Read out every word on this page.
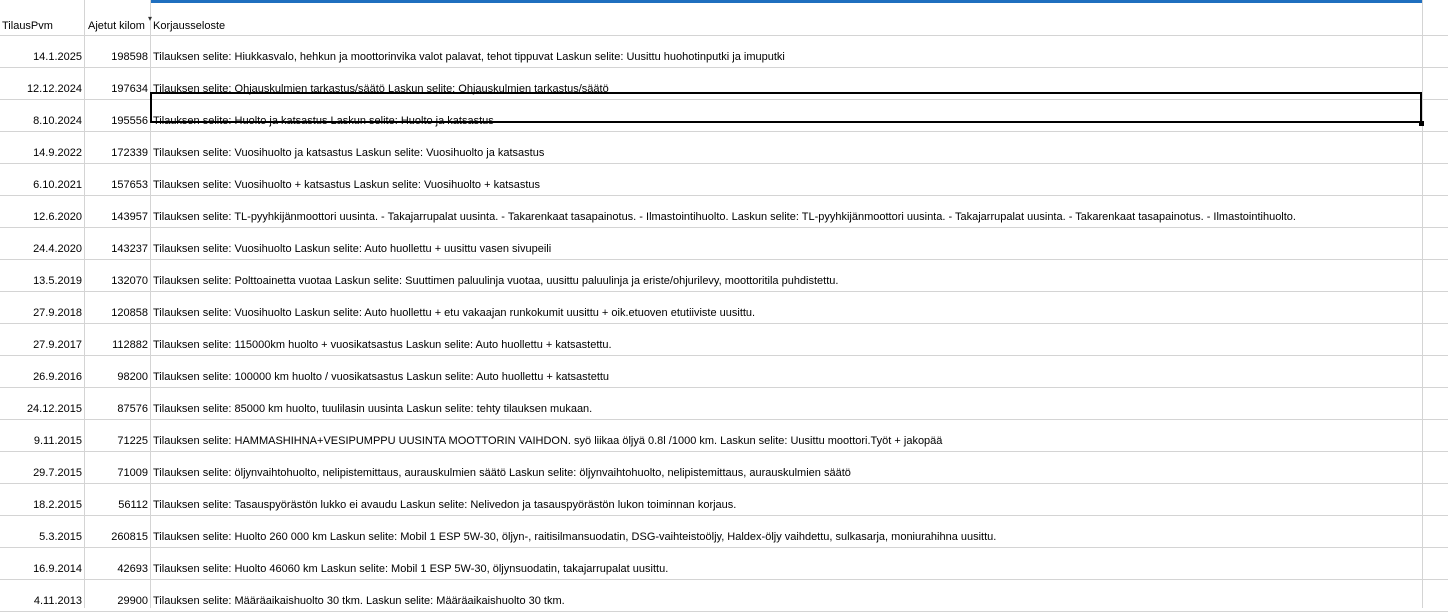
TilausPvm	Ajetut kilom Korjausseloste
▾
14.1.2025	198598 Tilauksen selite: Hiukkasvalo, hehkun ja moottorinvika valot palavat, tehot tippuvat Laskun selite: Uusittu huohotinputki ja imuputki
12.12.2024	197634 Tilauksen selite: Ohjauskulmien tarkastus/säätö Laskun selite: Ohjauskulmien tarkastus/säätö
8.10.2024	195556 Tilauksen selite: Huolto ja katsastus Laskun selite: Huolto ja katsastus
14.9.2022	172339 Tilauksen selite: Vuosihuolto ja katsastus Laskun selite: Vuosihuolto ja katsastus
6.10.2021	157653 Tilauksen selite: Vuosihuolto + katsastus Laskun selite: Vuosihuolto + katsastus
12.6.2020	143957 Tilauksen selite: TL-pyyhkijänmoottori uusinta. - Takajarrupalat uusinta. - Takarenkaat tasapainotus. - Ilmastointihuolto. Laskun selite: TL-pyyhkijänmoottori uusinta. - Takajarrupalat uusinta. - Takarenkaat tasapainotus. - Ilmastointihuolto.
24.4.2020	143237 Tilauksen selite: Vuosihuolto Laskun selite: Auto huollettu + uusittu vasen sivupeili
13.5.2019	132070 Tilauksen selite: Polttoainetta vuotaa Laskun selite: Suuttimen paluulinja vuotaa, uusittu paluulinja ja eriste/ohjurilevy, moottoritila puhdistettu.
27.9.2018	120858 Tilauksen selite: Vuosihuolto Laskun selite: Auto huollettu + etu vakaajan runkokumit uusittu + oik.etuoven etutiiviste uusittu.
27.9.2017	112882 Tilauksen selite: 115000km huolto + vuosikatsastus Laskun selite: Auto huollettu + katsastettu.
26.9.2016	98200 Tilauksen selite: 100000 km huolto / vuosikatsastus Laskun selite: Auto huollettu + katsastettu
24.12.2015	87576 Tilauksen selite: 85000 km huolto, tuulilasin uusinta Laskun selite: tehty tilauksen mukaan.
9.11.2015	71225 Tilauksen selite: HAMMASHIHNA+VESIPUMPPU UUSINTA MOOTTORIN VAIHDON. syö liikaa öljyä 0.8l /1000 km. Laskun selite: Uusittu moottori.Työt + jakopää
29.7.2015	71009 Tilauksen selite: öljynvaihtohuolto, nelipistemittaus, aurauskulmien säätö Laskun selite: öljynvaihtohuolto, nelipistemittaus, aurauskulmien säätö
18.2.2015	56112 Tilauksen selite: Tasauspyörästön lukko ei avaudu Laskun selite: Nelivedon ja tasauspyörästön lukon toiminnan korjaus.
5.3.2015	260815 Tilauksen selite: Huolto 260 000 km Laskun selite: Mobil 1 ESP 5W-30, öljyn-, raitisilmansuodatin, DSG-vaihteistoöljy, Haldex-öljy vaihdettu, sulkasarja, moniurahihna uusittu.
16.9.2014	42693 Tilauksen selite: Huolto 46060 km Laskun selite: Mobil 1 ESP 5W-30, öljynsuodatin, takajarrupalat uusittu.
4.11.2013	29900 Tilauksen selite: Määräaikaishuolto 30 tkm. Laskun selite: Määräaikaishuolto 30 tkm.
